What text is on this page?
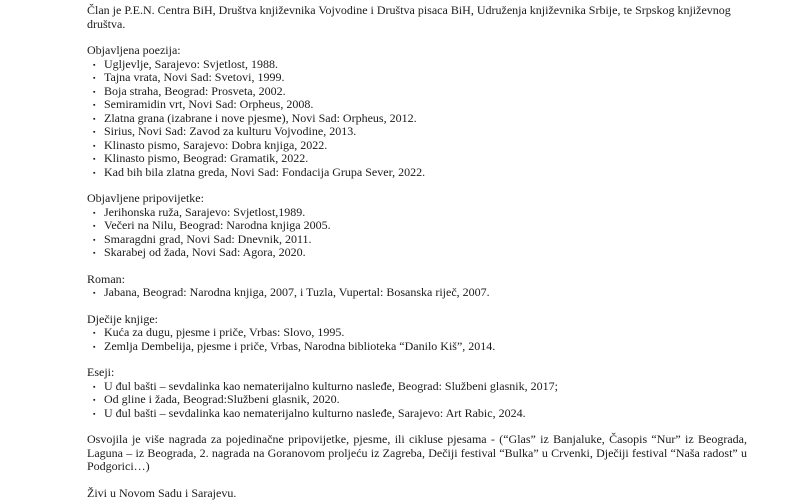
Član je P.E.N. Centra BiH, Društva književnika Vojvodine i Društva pisaca BiH, Udruženja književnika Srbije, te Srpskog književnog društva.

Objavljena poezija:

▪ Ugljevlje, Sarajevo: Svjetlost, 1988.
▪ Tajna vrata, Novi Sad: Svetovi, 1999.
▪ Boja straha, Beograd: Prosveta, 2002.
▪ Semiramidin vrt, Novi Sad: Orpheus, 2008.
▪ Zlatna grana (izabrane i nove pjesme), Novi Sad: Orpheus, 2012.
▪ Sirius, Novi Sad: Zavod za kulturu Vojvodine, 2013.
▪ Klinasto pismo, Sarajevo: Dobra knjiga, 2022.
▪ Klinasto pismo, Beograd: Gramatik, 2022.
▪ Kad bih bila zlatna greda, Novi Sad: Fondacija Grupa Sever, 2022.

Objavljene pripovijetke:

▪ Jerihonska ruža, Sarajevo: Svjetlost,1989.
▪ Večeri na Nilu, Beograd: Narodna knjiga 2005.
▪ Smaragdni grad, Novi Sad: Dnevnik, 2011.
▪ Skarabej od žada, Novi Sad: Agora, 2020.

Roman:

▪ Jabana, Beograd: Narodna knjiga, 2007, i Tuzla, Vupertal: Bosanska riječ, 2007.

Dječije knjige:

▪ Kuća za dugu, pjesme i priče, Vrbas: Slovo, 1995.
▪ Zemlja Dembelija, pjesme i priče, Vrbas, Narodna biblioteka “Danilo Kiš”, 2014.

Eseji:

▪ U đul bašti – sevdalinka kao nematerijalno kulturno nasleđe, Beograd: Službeni glasnik, 2017;
▪ Od gline i žada, Beograd:Službeni glasnik, 2020.
▪ U đul bašti – sevdalinka kao nematerijalno kulturno nasleđe, Sarajevo: Art Rabic, 2024.

Osvojila je više nagrada za pojedinačne pripovijetke, pjesme, ili cikluse pjesama - (“Glas” iz Banjaluke, Časopis “Nur” iz Beograda, Laguna – iz Beograda, 2. nagrada na Goranovom proljeću iz Zagreba, Dečiji festival “Bulka” u Crvenki, Dječiji festival “Naša radost” u Podgorici…)

Živi u Novom Sadu i Sarajevu.
